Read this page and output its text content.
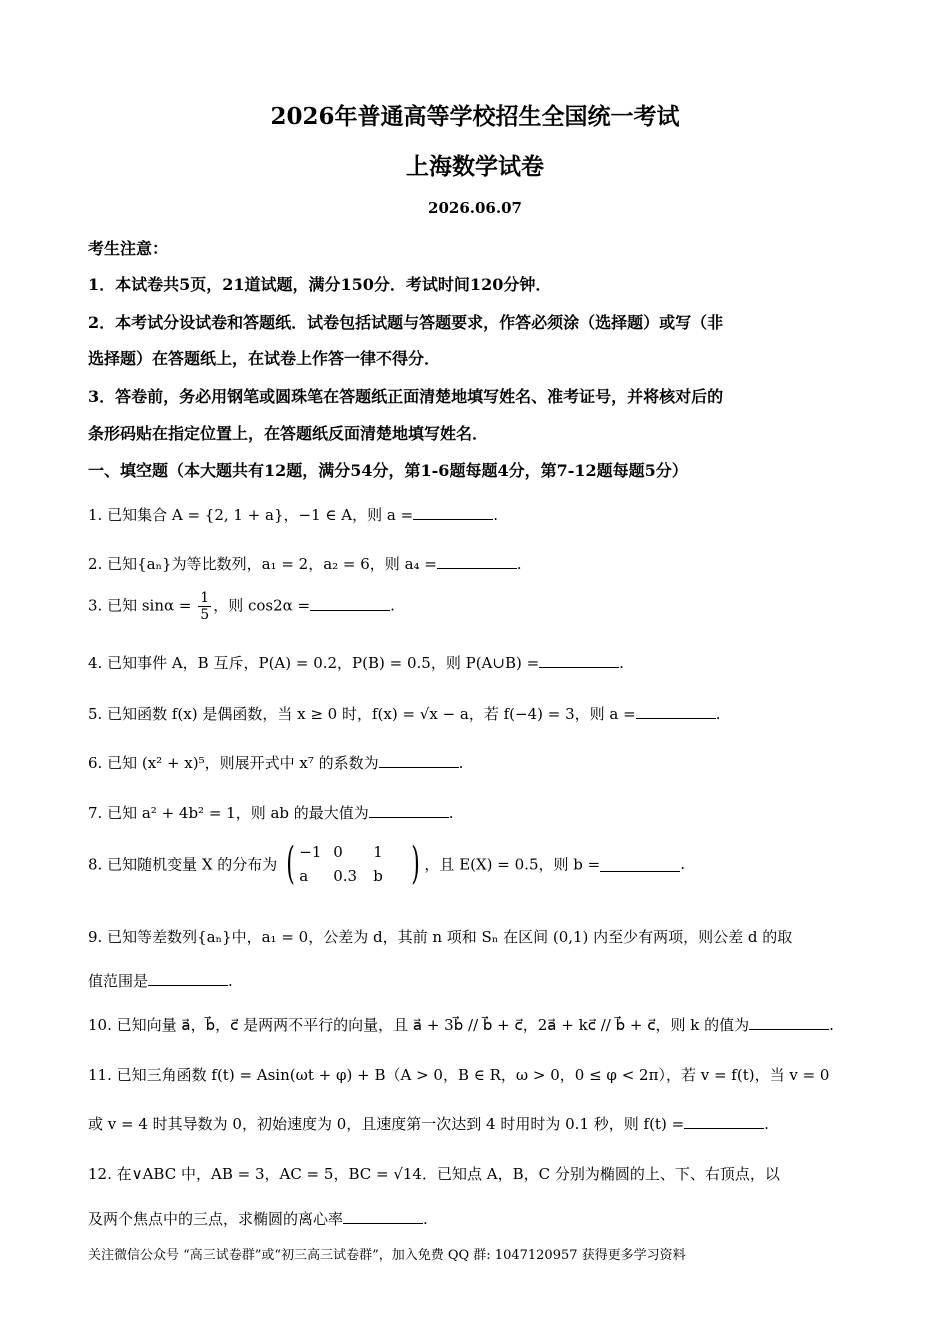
2026年普通高等学校招生全国统一考试
上海数学试卷
2026.06.07
考生注意：
1．本试卷共5页，21道试题，满分150分．考试时间120分钟．
2．本考试分设试卷和答题纸．试卷包括试题与答题要求，作答必须涂（选择题）或写（非
选择题）在答题纸上，在试卷上作答一律不得分．
3．答卷前，务必用钢笔或圆珠笔在答题纸正面清楚地填写姓名、准考证号，并将核对后的
条形码贴在指定位置上，在答题纸反面清楚地填写姓名．
一、填空题（本大题共有12题，满分54分，第1-6题每题4分，第7-12题每题5分）
1. 已知集合 A = {2, 1 + a}，−1 ∈ A，则 a =	.
2. 已知{aₙ}为等比数列，a₁ = 2，a₂ = 6，则 a₄ =	.
3. 已知 $\sin\alpha = \frac{1}{5}$ ，则 cos2α =	.
4. 已知事件 A，B 互斥，P(A) = 0.2，P(B) = 0.5，则 P(A∪B) =	.
5. 已知函数 f(x) 是偶函数，当 x ≥ 0 时，f(x) = √x − a，若 f(−4) = 3，则 a =	.
6. 已知 (x² + x)⁵，则展开式中 x⁷ 的系数为	.
7. 已知 a² + 4b² = 1，则 ab 的最大值为	.
8. 已知随机变量 X 的分布为 ( −1 0	1
a	0.3	b ) ，且 E(X) = 0.5，则 b =	.
9. 已知等差数列{aₙ}中，a₁ = 0，公差为 d，其前 n 项和 Sₙ 在区间 (0,1) 内至少有两项，则公差 d 的取
值范围是	.
10. 已知向量 a⃗，b⃗，c⃗ 是两两不平行的向量，且 a⃗ + 3b⃗ // b⃗ + c⃗，2a⃗ + kc⃗ // b⃗ + c⃗，则 k 的值为	.
11. 已知三角函数 f(t) = Asin(ωt + φ) + B（A > 0，B ∈ R，ω > 0，0 ≤ φ < 2π），若 v = f(t)，当 v = 0
或 v = 4 时其导数为 0，初始速度为 0，且速度第一次达到 4 时用时为 0.1 秒，则 f(t) =	.
12. 在∨ABC 中，AB = 3，AC = 5，BC = √14．已知点 A，B，C 分别为椭圆的上、下、右顶点，以
及两个焦点中的三点，求椭圆的离心率	.
关注微信公众号 “高三试卷群”或“初三高三试卷群”，加入免费 QQ 群: 1047120957 获得更多学习资料
